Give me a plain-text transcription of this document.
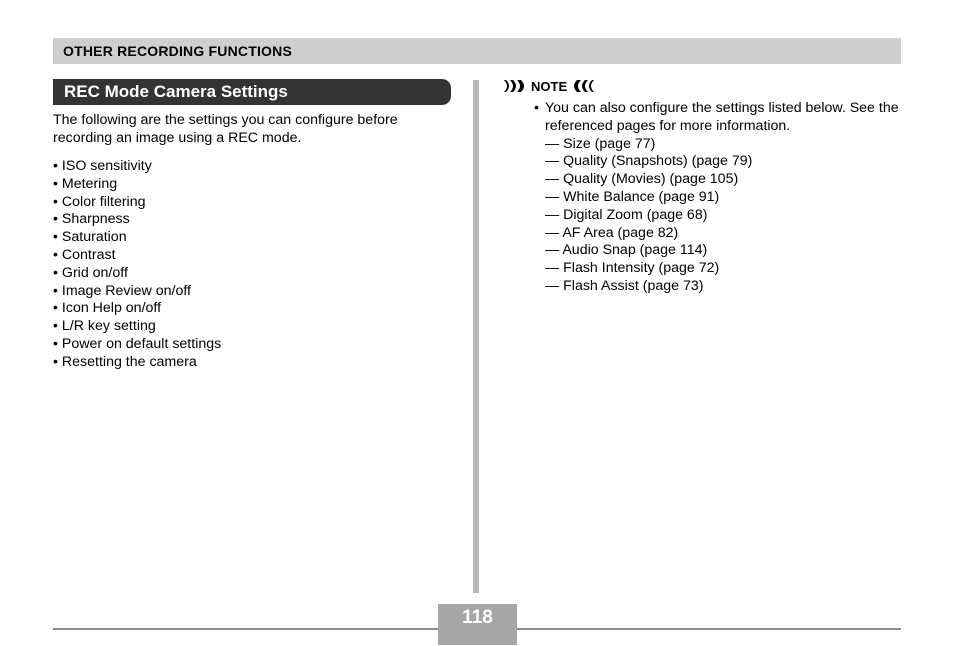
OTHER RECORDING FUNCTIONS
REC Mode Camera Settings
The following are the settings you can configure before recording an image using a REC mode.
• ISO sensitivity
• Metering
• Color filtering
• Sharpness
• Saturation
• Contrast
• Grid on/off
• Image Review on/off
• Icon Help on/off
• L/R key setting
• Power on default settings
• Resetting the camera
NOTE
• You can also configure the settings listed below. See the referenced pages for more information.
— Size (page 77)
— Quality (Snapshots) (page 79)
— Quality (Movies) (page 105)
— White Balance (page 91)
— Digital Zoom (page 68)
— AF Area (page 82)
— Audio Snap (page 114)
— Flash Intensity (page 72)
— Flash Assist (page 73)
118
